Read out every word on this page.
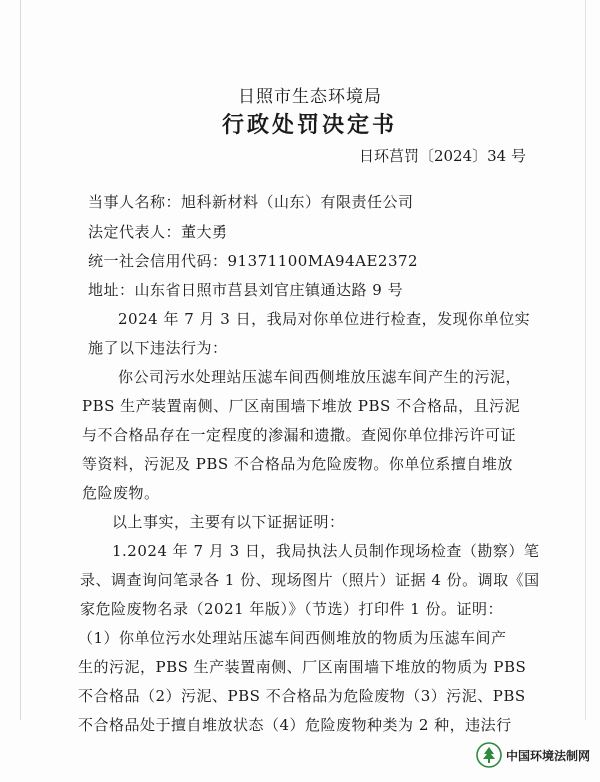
日照市生态环境局
行政处罚决定书
日环莒罚〔2024〕34 号
当事人名称：旭科新材料（山东）有限责任公司
法定代表人：董大勇
统一社会信用代码：91371100MA94AE2372
地址：山东省日照市莒县刘官庄镇通达路 9 号
2024 年 7 月 3 日，我局对你单位进行检查，发现你单位实
施了以下违法行为：
你公司污水处理站压滤车间西侧堆放压滤车间产生的污泥，
PBS 生产装置南侧、厂区南围墙下堆放 PBS 不合格品，且污泥
与不合格品存在一定程度的渗漏和遗撒。查阅你单位排污许可证
等资料，污泥及 PBS 不合格品为危险废物。你单位系擅自堆放
危险废物。
以上事实，主要有以下证据证明：
1.2024 年 7 月 3 日，我局执法人员制作现场检查（勘察）笔
录、调查询问笔录各 1 份、现场图片（照片）证据 4 份。调取《国
家危险废物名录（2021 年版）》（节选）打印件 1 份。证明：
（1）你单位污水处理站压滤车间西侧堆放的物质为压滤车间产
生的污泥，PBS 生产装置南侧、厂区南围墙下堆放的物质为 PBS
不合格品（2）污泥、PBS 不合格品为危险废物（3）污泥、PBS
不合格品处于擅自堆放状态（4）危险废物种类为 2 种，违法行
中国环境法制网
